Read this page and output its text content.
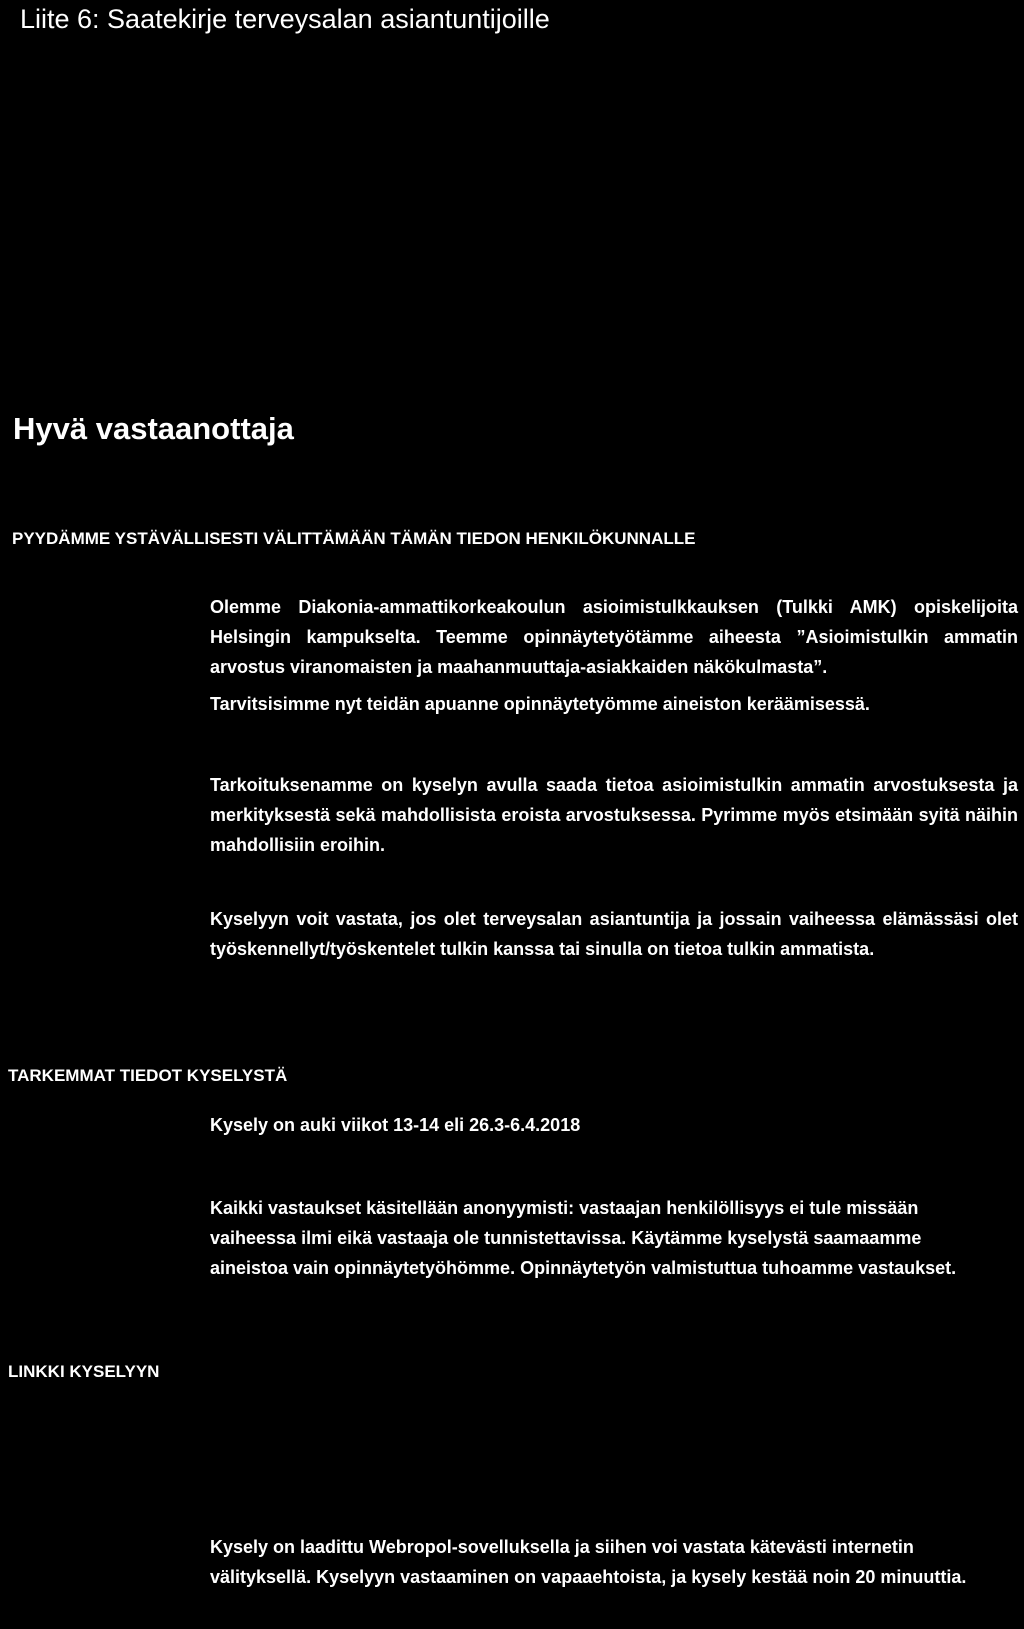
Liite 6: Saatekirje terveysalan asiantuntijoille
Hyvä vastaanottaja
PYYDÄMME YSTÄVÄLLISESTI VÄLITTÄMÄÄN TÄMÄN TIEDON HENKILÖKUNNALLE
Olemme Diakonia-ammattikorkeakoulun asioimistulkkauksen (Tulkki AMK) opiskelijoita Helsingin kampukselta. Teemme opinnäytetyötämme aiheesta ”Asioimistulkin ammatin arvostus viranomaisten ja maahanmuuttaja-asiakkaiden näkökulmasta”.
Tarvitsisimme nyt teidän apuanne opinnäytetyömme aineiston keräämisessä.
Tarkoituksenamme on kyselyn avulla saada tietoa asioimistulkin ammatin arvostuksesta ja merkityksestä sekä mahdollisista eroista arvostuksessa. Pyrimme myös etsimään syitä näihin mahdollisiin eroihin.
Kyselyyn voit vastata, jos olet terveysalan asiantuntija ja jossain vaiheessa elämässäsi olet työskennellyt/työskentelet tulkin kanssa tai sinulla on tietoa tulkin ammatista.
TARKEMMAT TIEDOT KYSELYSTÄ
Kysely on auki viikot 13-14 eli 26.3-6.4.2018
Kaikki vastaukset käsitellään anonyymisti: vastaajan henkilöllisyys ei tule missään vaiheessa ilmi eikä vastaaja ole tunnistettavissa. Käytämme kyselystä saamaamme aineistoa vain opinnäytetyöhömme. Opinnäytetyön valmistuttua tuhoamme vastaukset.
LINKKI KYSELYYN
Kysely on laadittu Webropol-sovelluksella ja siihen voi vastata kätevästi internetin välityksellä. Kyselyyn vastaaminen on vapaaehtoista, ja kysely kestää noin 20 minuuttia.
